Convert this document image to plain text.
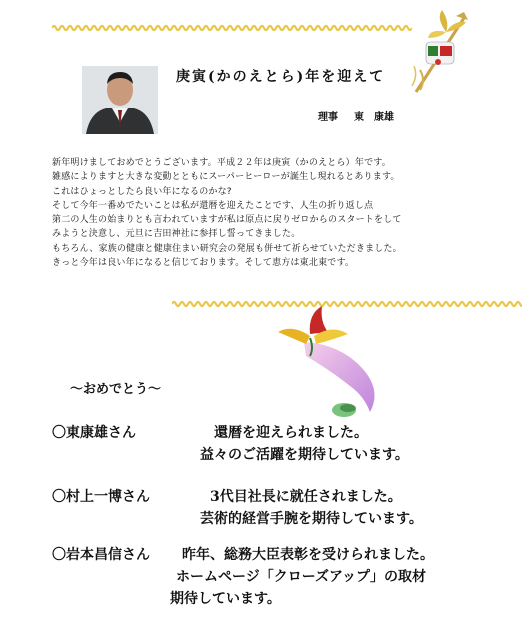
庚寅(かのえとら)年を迎えて
理事 東　康雄
新年明けましておめでとうございます。平成２２年は庚寅（かのえとら）年です。
雑感によりますと大きな変動とともにスーパーヒーローが誕生し現れるとあります。
これはひょっとしたら良い年になるのかな?
そして今年一番めでたいことは私が還暦を迎えたことです、人生の折り返し点
第二の人生の始まりとも言われていますが私は原点に戻りゼロからのスタートをして
みようと決意し、元旦に吉田神社に参拝し誓ってきました。
もちろん、家族の健康と健康住まい研究会の発展も併せて祈らせていただきました。
きっと今年は良い年になると信じております。そして恵方は東北東です。
～おめでとう～
〇東康雄さん	還暦を迎えられました。
益々のご活躍を期待しています。
〇村上一博さん	3代目社長に就任されました。
芸術的経営手腕を期待しています。
〇岩本昌信さん 昨年、総務大臣表彰を受けられました。
ホームページ「クローズアップ」の取材
期待しています。
